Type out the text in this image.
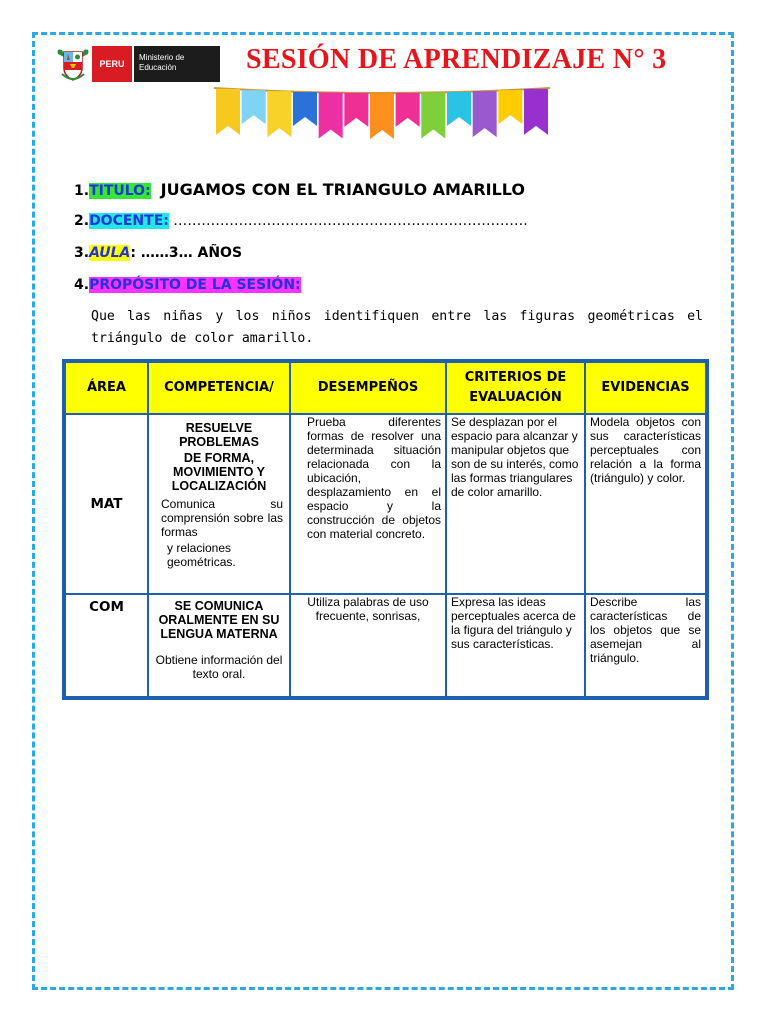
PERU
Ministerio de
Educación	SESIÓN DE APRENDIZAJE N° 3
1.TITULO: JUGAMOS CON EL TRIANGULO AMARILLO
2.DOCENTE: ………………………………………………………………….
3.AULA: ……3… AÑOS
4.PROPÓSITO DE LA SESIÓN:
Que las niñas y los niños identifiquen entre las figuras geométricas el triángulo de color amarillo.
ÁREA	COMPETENCIA/	DESEMPEÑOS	CRITERIOS DE EVALUACIÓN	EVIDENCIAS

MAT	RESUELVE PROBLEMAS
DE FORMA, MOVIMIENTO Y LOCALIZACIÓN
Comunica su comprensión sobre las formas
y relaciones geométricas.	Prueba diferentes formas de resolver una determinada situación relacionada con la ubicación, desplazamiento en el espacio y la construcción de objetos con material concreto.	Se desplazan por el espacio para alcanzar y manipular objetos que son de su interés, como las formas triangulares de color amarillo.	Modela objetos con sus características perceptuales con relación a la forma (triángulo) y color.

COM	SE COMUNICA ORALMENTE EN SU LENGUA MATERNA
Obtiene información del texto oral.	Utiliza palabras de uso frecuente, sonrisas,	Expresa las ideas perceptuales acerca de la figura del triángulo y sus características.	Describe las características de los objetos que se asemejan al triángulo.
